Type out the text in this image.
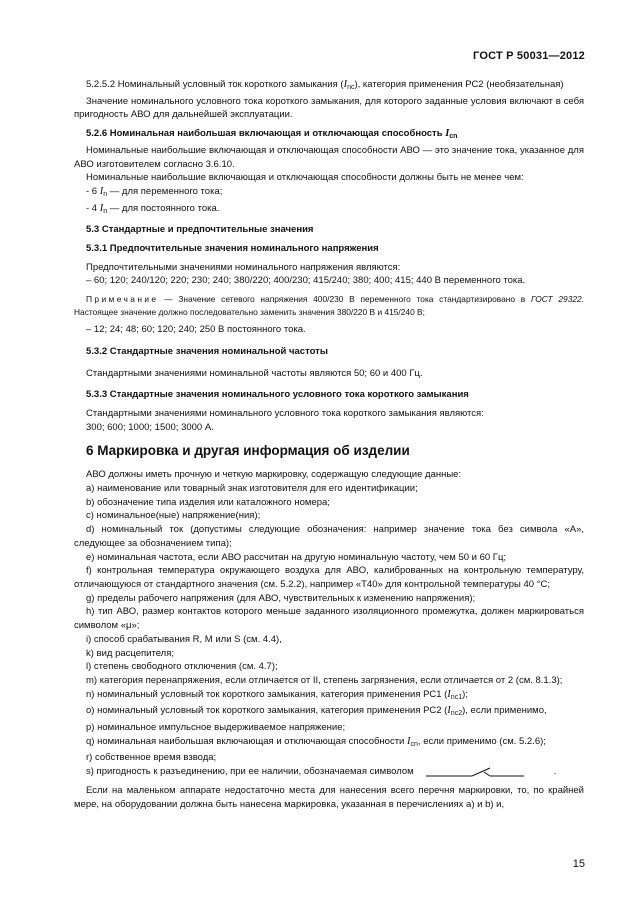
ГОСТ Р 50031—2012

5.2.5.2 Номинальный условный ток короткого замыкания $(I_{nc})$, категория применения РС2 (необязательная)

Значение номинального условного тока короткого замыкания, для которого заданные условия включают в себя пригодность АВО для дальнейшей эксплуатации.

5.2.6 Номинальная наибольшая включающая и отключающая способность $I_{cn}$

Номинальные наибольшие включающая и отключающая способности АВО — это значение тока, указанное для АВО изготовителем согласно 3.6.10.

Номинальные наибольшие включающая и отключающая способности должны быть не менее чем:

- 6 $I_n$ — для переменного тока;

- 4 $I_n$ — для постоянного тока.

5.3 Стандартные и предпочтительные значения

5.3.1 Предпочтительные значения номинального напряжения

Предпочтительными значениями номинального напряжения являются:

– 60; 120; 240/120; 220; 230; 240; 380/220; 400/230; 415/240; 380; 400; 415; 440 В переменного тока.

Примечание — Значение сетевого напряжения 400/230 В переменного тока стандартизировано в ГОСТ 29322. Настоящее значение должно последовательно заменить значения 380/220 В и 415/240 В;

– 12; 24; 48; 60; 120; 240; 250 В постоянного тока.

5.3.2 Стандартные значения номинальной частоты

Стандартными значениями номинальной частоты являются 50; 60 и 400 Гц.

5.3.3 Стандартные значения номинального условного тока короткого замыкания

Стандартными значениями номинального условного тока короткого замыкания являются:

300; 600; 1000; 1500; 3000 А.

6 Маркировка и другая информация об изделии

АВО должны иметь прочную и четкую маркировку, содержащую следующие данные:

a) наименование или товарный знак изготовителя для его идентификации;

b) обозначение типа изделия или каталожного номера;

c) номинальное(ные) напряжение(ния);

d) номинальный ток (допустимы следующие обозначения: например значение тока без символа «А», следующее за обозначением типа);

e) номинальная частота, если АВО рассчитан на другую номинальную частоту, чем 50 и 60 Гц;

f) контрольная температура окружающего воздуха для АВО, калиброванных на контрольную температуру, отличающуюся от стандартного значения (см. 5.2.2), например «T40» для контрольной температуры 40 °С;

g) пределы рабочего напряжения (для АВО, чувствительных к изменению напряжения);

h) тип АВО, размер контактов которого меньше заданного изоляционного промежутка, должен маркироваться символом «μ»;

i) способ срабатывания R, M или S (см. 4.4),

k) вид расцепителя;

l) степень свободного отключения (см. 4.7);

m) категория перенапряжения, если отличается от II, степень загрязнения, если отличается от 2 (см. 8.1.3);

n) номинальный условный ток короткого замыкания, категория применения РС1 $(I_{nc1})$;

o) номинальный условный ток короткого замыкания, категория применения РС2 $(I_{nc2})$, если применимо,

p) номинальное импульсное выдерживаемое напряжение;

q) номинальная наибольшая включающая и отключающая способности $I_{cn}$, если применимо (см. 5.2.6);

r) собственное время взвода;

s) пригодность к разъединению, при ее наличии, обозначаемая символом	.

Если на маленьком аппарате недостаточно места для нанесения всего перечня маркировки, то, по крайней мере, на оборудовании должна быть нанесена маркировка, указанная в перечислениях а) и b) и,

15
